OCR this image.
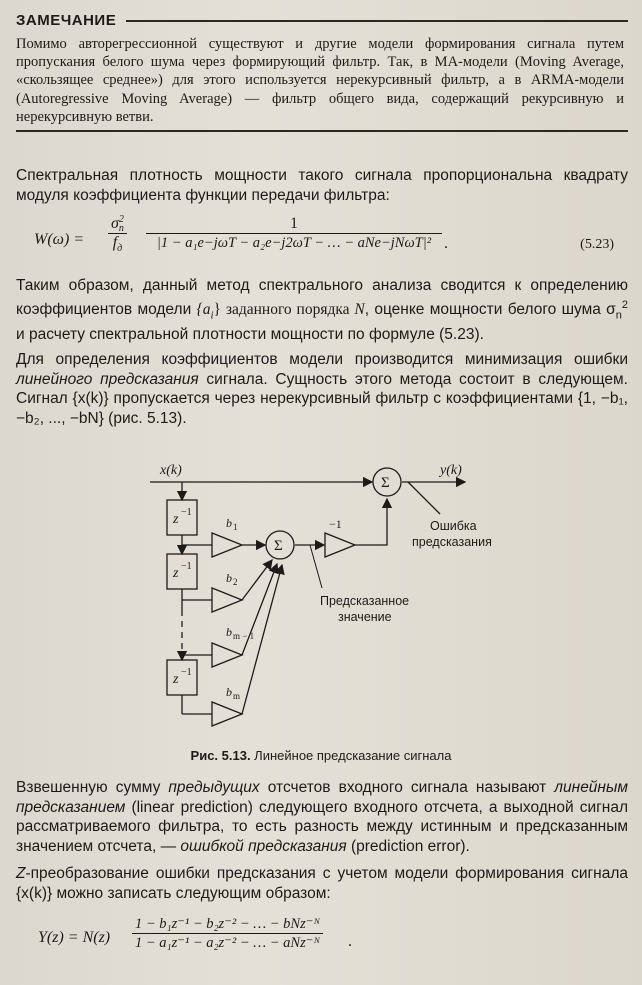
ЗАМЕЧАНИЕ
Помимо авторегрессионной существуют и другие модели формирования сигнала путем пропускания белого шума через формирующий фильтр. Так, в МА-модели (Moving Average, «скользящее среднее») для этого используется нерекурсивный фильтр, а в ARMA-модели (Autoregressive Moving Average) — фильтр общего вида, содержащий рекурсивную и нерекурсивную ветви.
Спектральная плотность мощности такого сигнала пропорциональна квадрату модуля коэффициента функции передачи фильтра:
W(ω) =
σ 2
n
$f_д$
1
|1 − a₁e−jωT − a₂e−j2ωT − … − aNe−jNωT|² .	(5.23)
Таким образом, данный метод спектрального анализа сводится к определению коэффициентов модели $\{a_i\}$ заданного порядка N, оценке мощности белого шума $\sigma_n^2$ и расчету спектральной плотности мощности по формуле (5.23).
Для определения коэффициентов модели производится минимизация ошибки линейного предсказания сигнала. Сущность этого метода состоит в следующем. Сигнал {x(k)} пропускается через нерекурсивный фильтр с коэффициентами {1, −b₁, −b₂, ..., −bN} (рис. 5.13).
x(k)	y(k)
z −1
z −1
z −1
Σ
Σ
−1
b 1
b 2
b m − 1
b m
Ошибка
предсказания
Предсказанное
значение
Рис. 5.13. Линейное предсказание сигнала
Взвешенную сумму предыдущих отсчетов входного сигнала называют линейным предсказанием (linear prediction) следующего входного отсчета, а выходной сигнал рассматриваемого фильтра, то есть разность между истинным и предсказанным значением отсчета, — ошибкой предсказания (prediction error).
Z-преобразование ошибки предсказания с учетом модели формирования сигнала {x(k)} можно записать следующим образом:
Y(z) = N(z)
1 − b₁z⁻¹ − b₂z⁻² − … − bNz⁻ᴺ
1 − a₁z⁻¹ − a₂z⁻² − … − aNz⁻ᴺ .
